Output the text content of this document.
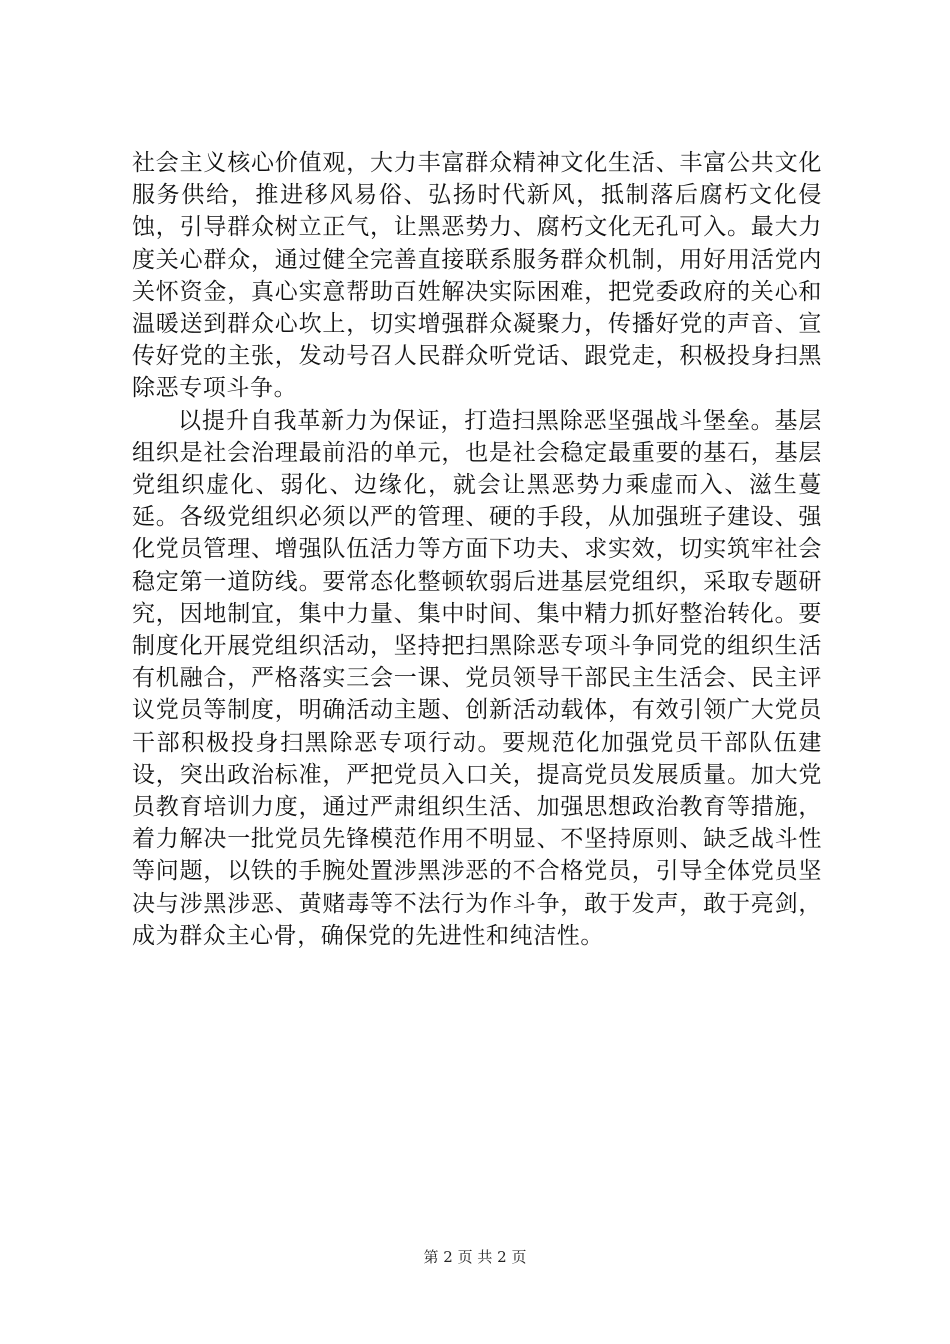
社会主义核心价值观，大力丰富群众精神文化生活、丰富公共文化服务供给，推进移风易俗、弘扬时代新风，抵制落后腐朽文化侵蚀，引导群众树立正气，让黑恶势力、腐朽文化无孔可入。最大力度关心群众，通过健全完善直接联系服务群众机制，用好用活党内关怀资金，真心实意帮助百姓解决实际困难，把党委政府的关心和温暖送到群众心坎上，切实增强群众凝聚力，传播好党的声音、宣传好党的主张，发动号召人民群众听党话、跟党走，积极投身扫黑除恶专项斗争。

以提升自我革新力为保证，打造扫黑除恶坚强战斗堡垒。基层组织是社会治理最前沿的单元，也是社会稳定最重要的基石，基层党组织虚化、弱化、边缘化，就会让黑恶势力乘虚而入、滋生蔓延。各级党组织必须以严的管理、硬的手段，从加强班子建设、强化党员管理、增强队伍活力等方面下功夫、求实效，切实筑牢社会稳定第一道防线。要常态化整顿软弱后进基层党组织，采取专题研究，因地制宜，集中力量、集中时间、集中精力抓好整治转化。要制度化开展党组织活动，坚持把扫黑除恶专项斗争同党的组织生活有机融合，严格落实三会一课、党员领导干部民主生活会、民主评议党员等制度，明确活动主题、创新活动载体，有效引领广大党员干部积极投身扫黑除恶专项行动。要规范化加强党员干部队伍建设，突出政治标准，严把党员入口关，提高党员发展质量。加大党员教育培训力度，通过严肃组织生活、加强思想政治教育等措施，着力解决一批党员先锋模范作用不明显、不坚持原则、缺乏战斗性等问题，以铁的手腕处置涉黑涉恶的不合格党员，引导全体党员坚决与涉黑涉恶、黄赌毒等不法行为作斗争，敢于发声，敢于亮剑，成为群众主心骨，确保党的先进性和纯洁性。

第 2 页 共 2 页
